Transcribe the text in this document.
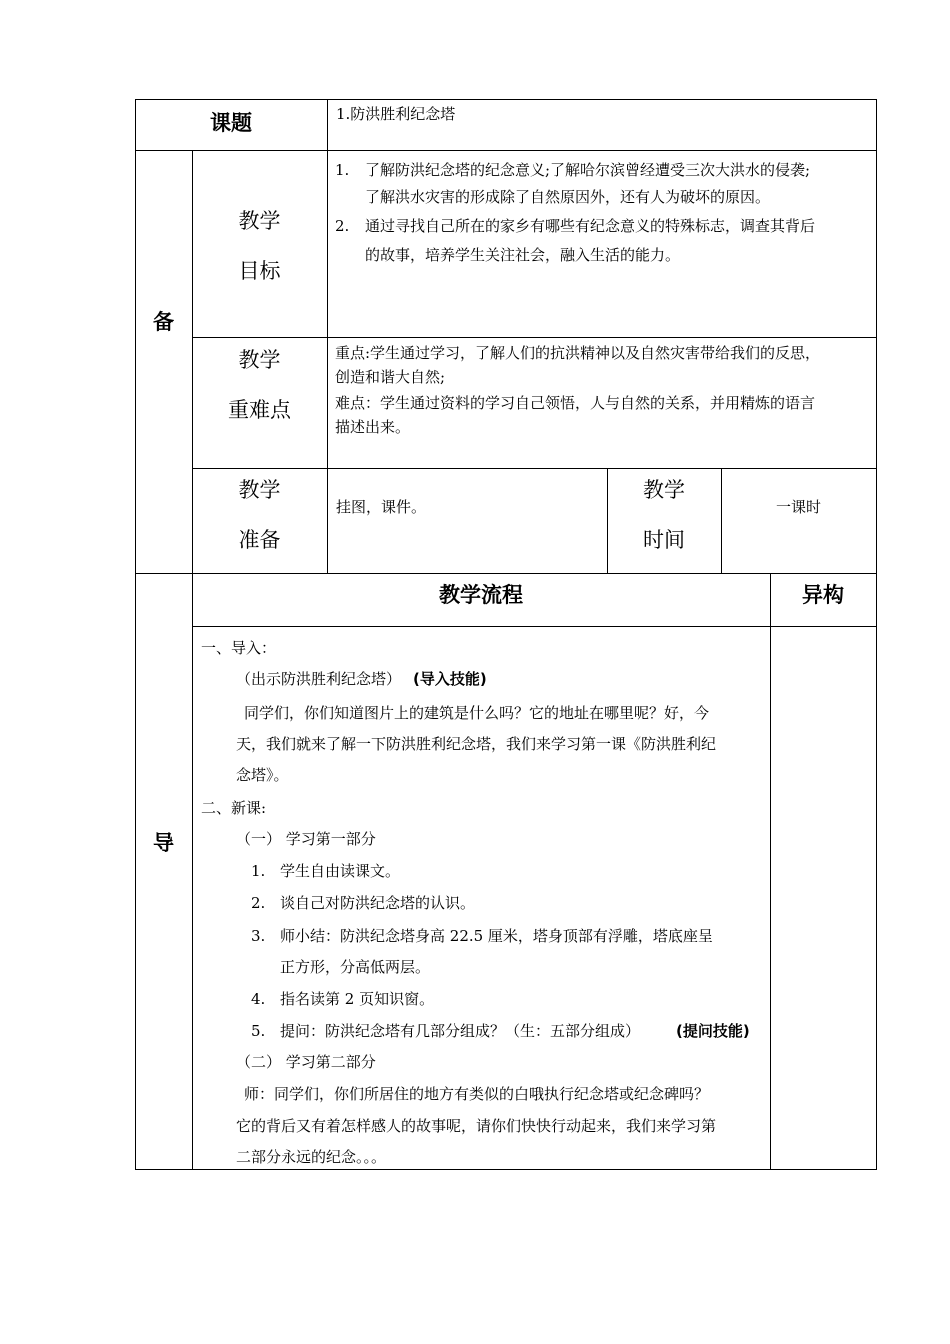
课题	1.防洪胜利纪念塔
备
教学
目标
1. 了解防洪纪念塔的纪念意义;了解哈尔滨曾经遭受三次大洪水的侵袭;
了解洪水灾害的形成除了自然原因外，还有人为破坏的原因。
2. 通过寻找自己所在的家乡有哪些有纪念意义的特殊标志，调查其背后
的故事，培养学生关注社会，融入生活的能力。
教学
重难点
重点:学生通过学习，了解人们的抗洪精神以及自然灾害带给我们的反思，
创造和谐大自然;
难点：学生通过资料的学习自己领悟，人与自然的关系，并用精炼的语言
描述出来。
教学
准备
挂图，课件。
教学
时间
一课时
导
教学流程	异构
一、导入：
（出示防洪胜利纪念塔） (导入技能)
同学们，你们知道图片上的建筑是什么吗？它的地址在哪里呢？好，今
天，我们就来了解一下防洪胜利纪念塔，我们来学习第一课《防洪胜利纪
念塔》。
二、新课:
（一） 学习第一部分
1. 学生自由读课文。
2. 谈自己对防洪纪念塔的认识。
3. 师小结：防洪纪念塔身高 22.5 厘米，塔身顶部有浮雕，塔底座呈
正方形，分高低两层。
4. 指名读第 2 页知识窗。
5. 提问：防洪纪念塔有几部分组成？（生：五部分组成） (提问技能)
（二） 学习第二部分
师：同学们，你们所居住的地方有类似的白哦执行纪念塔或纪念碑吗？
它的背后又有着怎样感人的故事呢，请你们快快行动起来，我们来学习第
二部分永远的纪念。。。
